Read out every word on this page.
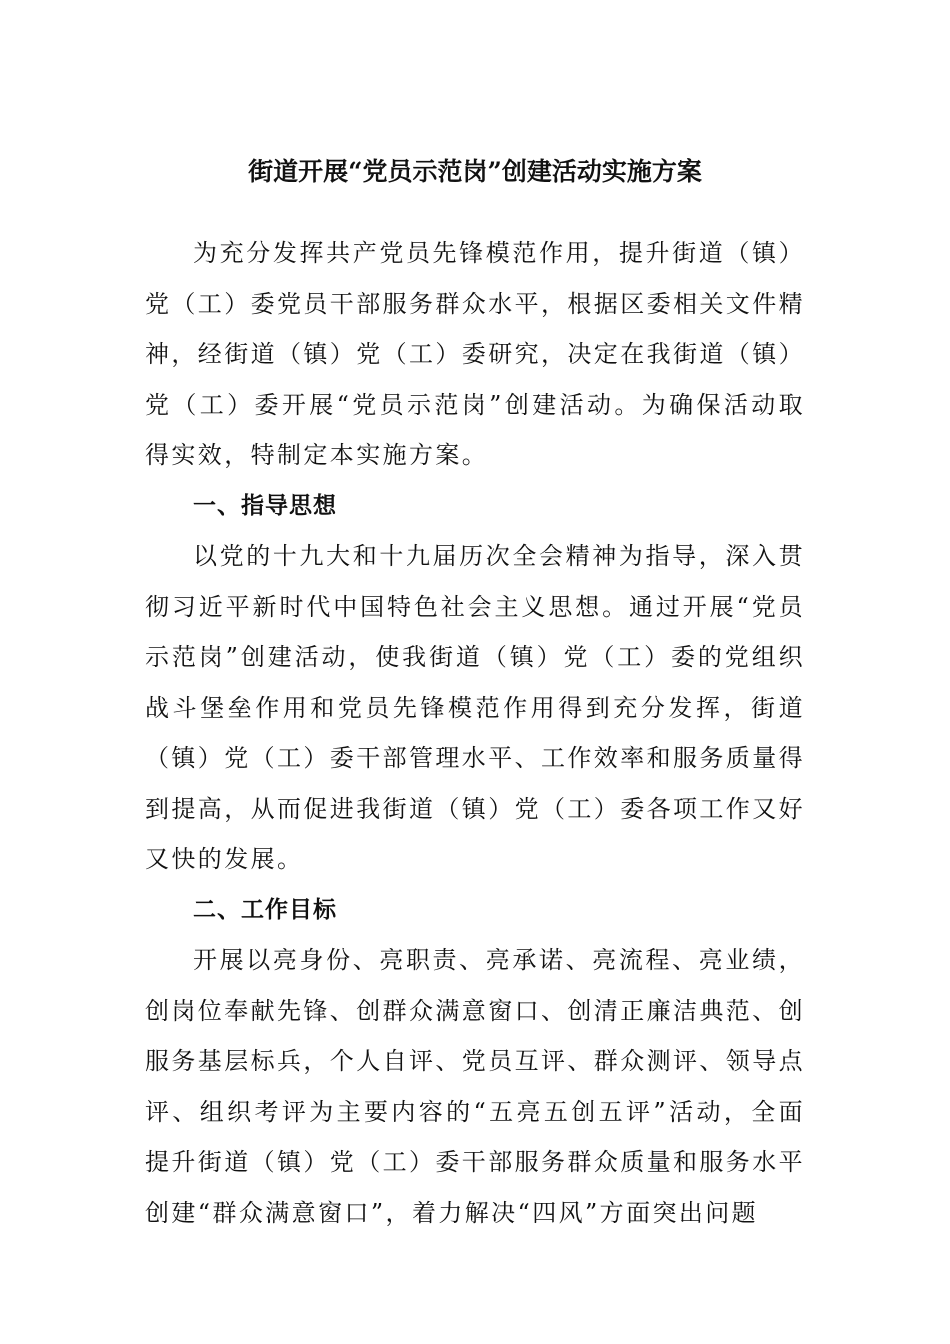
街道开展“党员示范岗”创建活动实施方案

为充分发挥共产党员先锋模范作用，提升街道（镇）党（工）委党员干部服务群众水平，根据区委相关文件精神，经街道（镇）党（工）委研究，决定在我街道（镇）党（工）委开展“党员示范岗”创建活动。为确保活动取得实效，特制定本实施方案。

一、指导思想

以党的十九大和十九届历次全会精神为指导，深入贯彻习近平新时代中国特色社会主义思想。通过开展“党员示范岗”创建活动，使我街道（镇）党（工）委的党组织战斗堡垒作用和党员先锋模范作用得到充分发挥，街道（镇）党（工）委干部管理水平、工作效率和服务质量得到提高，从而促进我街道（镇）党（工）委各项工作又好又快的发展。

二、工作目标

开展以亮身份、亮职责、亮承诺、亮流程、亮业绩，创岗位奉献先锋、创群众满意窗口、创清正廉洁典范、创服务基层标兵，个人自评、党员互评、群众测评、领导点评、组织考评为主要内容的“五亮五创五评”活动，全面提升街道（镇）党（工）委干部服务群众质量和服务水平创建“群众满意窗口”，着力解决“四风”方面突出问题
